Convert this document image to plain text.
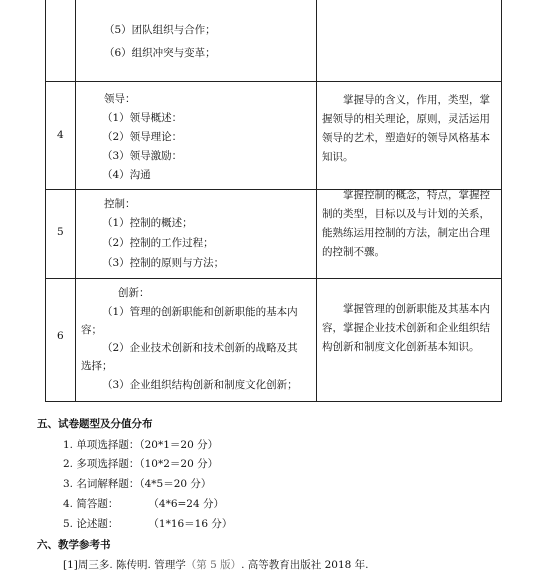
（5）团队组织与合作；
（6）组织冲突与变革；
4
领导：
（1）领导概述：
（2）领导理论：
（3）领导激励：
（4）沟通
掌握导的含义，作用，类型，掌握领导的相关理论，原则，灵活运用领导的艺术，塑造好的领导风格基本知识。
5
控制：
（1）控制的概述；
（2）控制的工作过程；
（3）控制的原则与方法；
掌握控制的概念，特点，掌握控制的类型，目标以及与计划的关系，能熟练运用控制的方法，制定出合理的控制不骤。
6
创新：
（1）管理的创新职能和创新职能的基本内
容；
（2）企业技术创新和技术创新的战略及其
选择；
（3）企业组织结构创新和制度文化创新；
掌握管理的创新职能及其基本内容，掌握企业技术创新和企业组织结构创新和制度文化创新基本知识。
五、试卷题型及分值分布
1. 单项选择题：（20*1＝20 分）
2. 多项选择题：（10*2＝20 分）
3. 名词解释题：（4*5＝20 分）
4. 简答题：         （4*6=24 分）
5. 论述题：         （1*16＝16 分）
六、教学参考书
[1]周三多. 陈传明. 管理学（第 5 版）. 高等教育出版社 2018 年.
